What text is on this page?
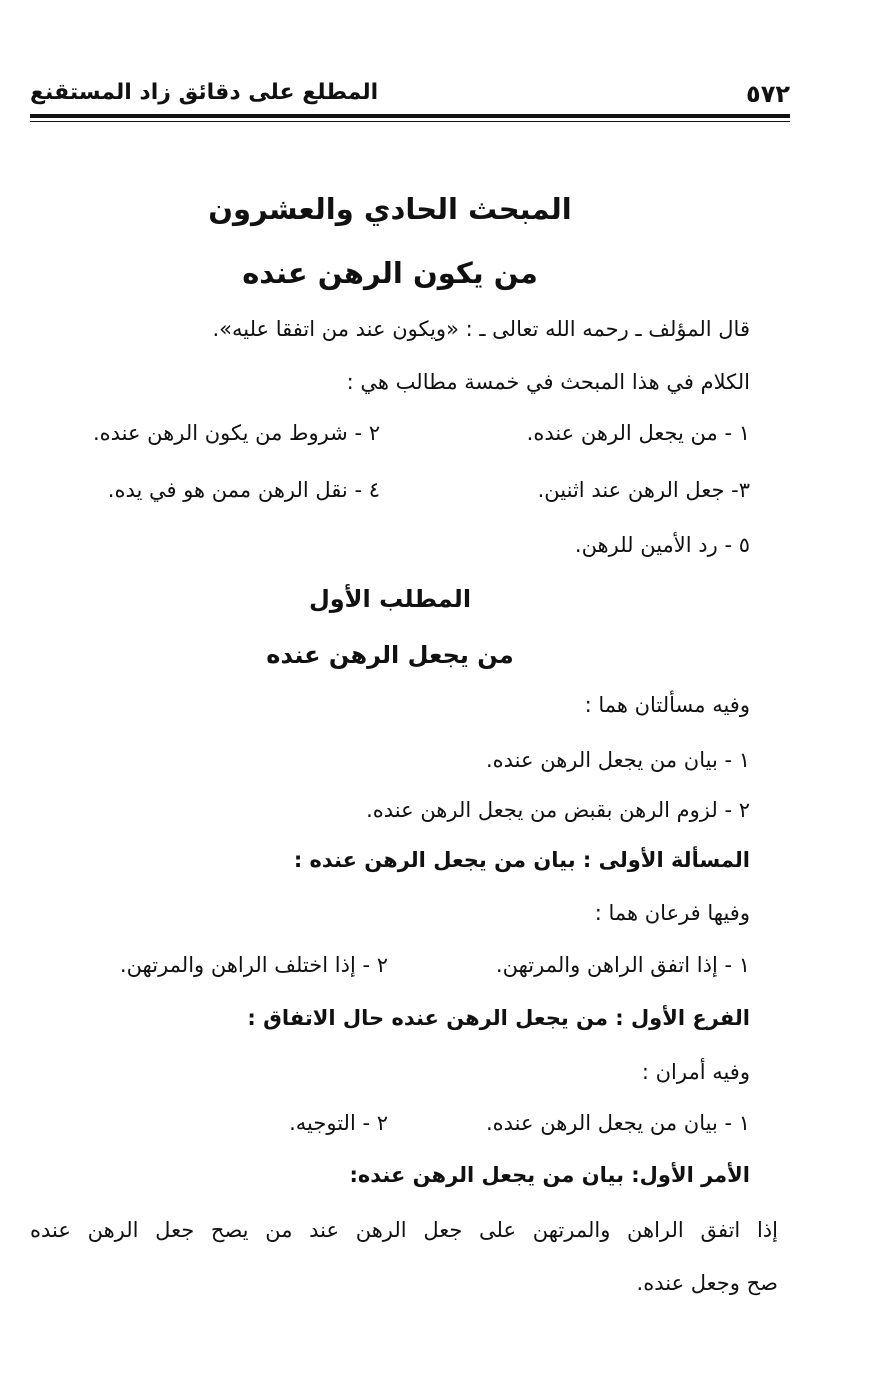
٥٧٢
المطلع على دقائق زاد المستقنع
المبحث الحادي والعشرون
من يكون الرهن عنده
قال المؤلف ـ رحمه الله تعالى ـ : «ويكون عند من اتفقا عليه».
الكلام في هذا المبحث في خمسة مطالب هي :
١ - من يجعل الرهن عنده.
٢ - شروط من يكون الرهن عنده.
٣- جعل الرهن عند اثنين.
٤ - نقل الرهن ممن هو في يده.
٥ - رد الأمين للرهن.
المطلب الأول
من يجعل الرهن عنده
وفيه مسألتان هما :
١ - بيان من يجعل الرهن عنده.
٢ - لزوم الرهن بقبض من يجعل الرهن عنده.
المسألة الأولى : بيان من يجعل الرهن عنده :
وفيها فرعان هما :
١ - إذا اتفق الراهن والمرتهن.
٢ - إذا اختلف الراهن والمرتهن.
الفرع الأول : من يجعل الرهن عنده حال الاتفاق :
وفيه أمران :
١ - بيان من يجعل الرهن عنده.
٢ - التوجيه.
الأمر الأول: بيان من يجعل الرهن عنده:
إذا اتفق الراهن والمرتهن على جعل الرهن عند من يصح جعل الرهن عنده
صح وجعل عنده.
